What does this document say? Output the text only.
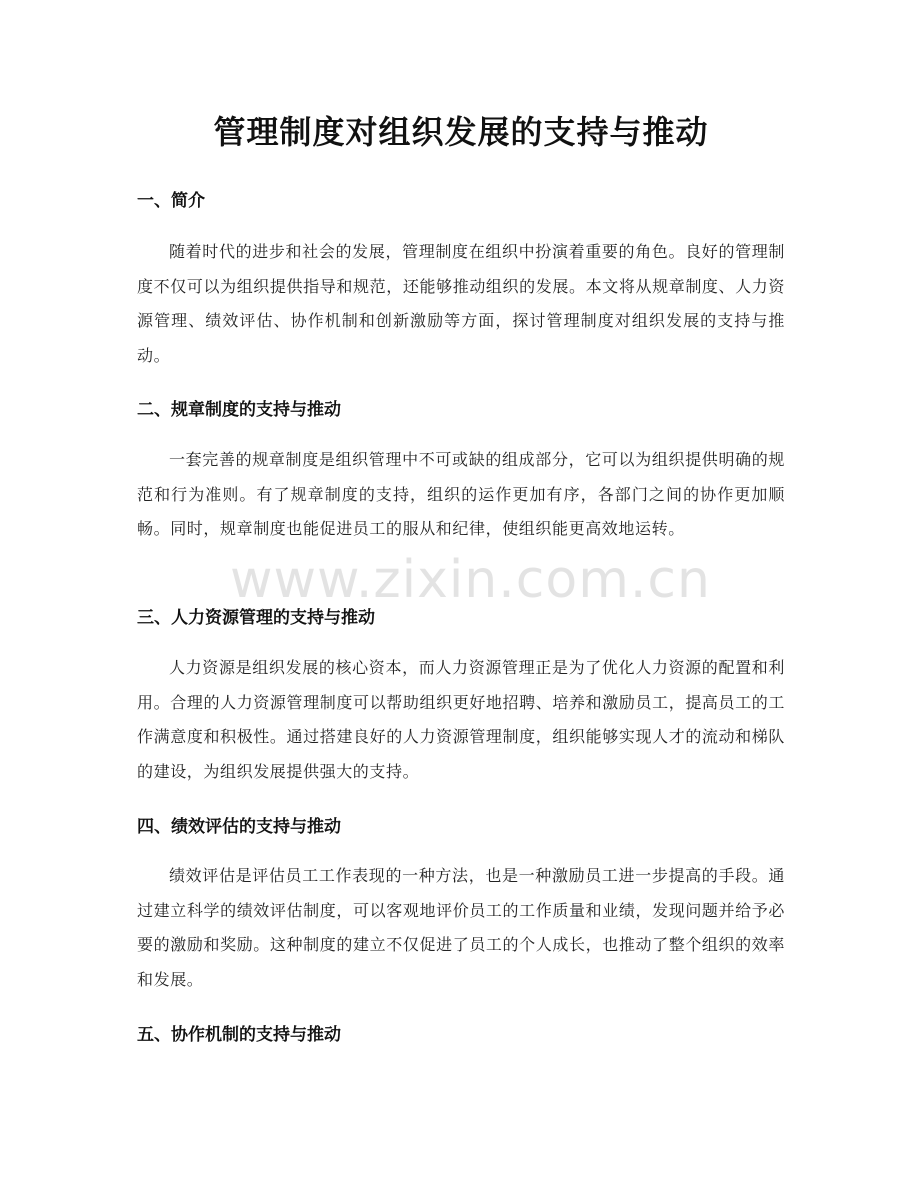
www.zixin.com.cn
管理制度对组织发展的支持与推动
一、简介

随着时代的进步和社会的发展，管理制度在组织中扮演着重要的角色。良好的管理制度不仅可以为组织提供指导和规范，还能够推动组织的发展。本文将从规章制度、人力资源管理、绩效评估、协作机制和创新激励等方面，探讨管理制度对组织发展的支持与推动。

二、规章制度的支持与推动

一套完善的规章制度是组织管理中不可或缺的组成部分，它可以为组织提供明确的规范和行为准则。有了规章制度的支持，组织的运作更加有序，各部门之间的协作更加顺畅。同时，规章制度也能促进员工的服从和纪律，使组织能更高效地运转。

三、人力资源管理的支持与推动

人力资源是组织发展的核心资本，而人力资源管理正是为了优化人力资源的配置和利用。合理的人力资源管理制度可以帮助组织更好地招聘、培养和激励员工，提高员工的工作满意度和积极性。通过搭建良好的人力资源管理制度，组织能够实现人才的流动和梯队的建设，为组织发展提供强大的支持。

四、绩效评估的支持与推动

绩效评估是评估员工工作表现的一种方法，也是一种激励员工进一步提高的手段。通过建立科学的绩效评估制度，可以客观地评价员工的工作质量和业绩，发现问题并给予必要的激励和奖励。这种制度的建立不仅促进了员工的个人成长，也推动了整个组织的效率和发展。

五、协作机制的支持与推动
